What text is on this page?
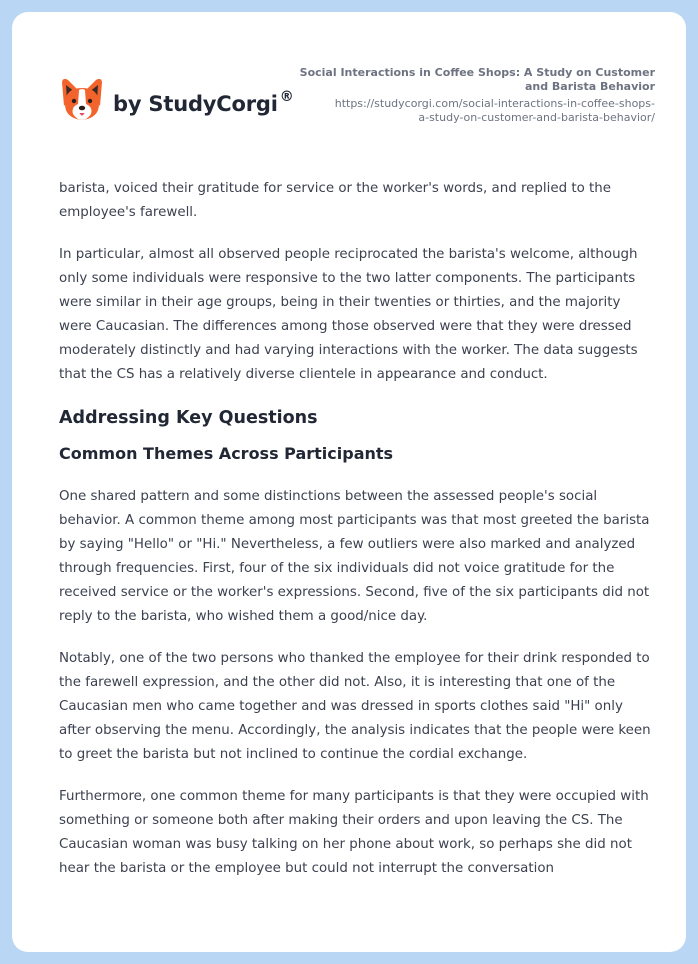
by StudyCorgi ®
Social Interactions in Coffee Shops: A Study on Customer
and Barista Behavior
https://studycorgi.com/social-interactions-in-coffee-shops-
a-study-on-customer-and-barista-behavior/

barista, voiced their gratitude for service or the worker's words, and replied to the employee's farewell.

In particular, almost all observed people reciprocated the barista's welcome, although only some individuals were responsive to the two latter components. The participants were similar in their age groups, being in their twenties or thirties, and the majority were Caucasian. The differences among those observed were that they were dressed moderately distinctly and had varying interactions with the worker. The data suggests that the CS has a relatively diverse clientele in appearance and conduct.

Addressing Key Questions
Common Themes Across Participants

One shared pattern and some distinctions between the assessed people's social behavior. A common theme among most participants was that most greeted the barista by saying "Hello" or "Hi." Nevertheless, a few outliers were also marked and analyzed through frequencies. First, four of the six individuals did not voice gratitude for the received service or the worker's expressions. Second, five of the six participants did not reply to the barista, who wished them a good/nice day.

Notably, one of the two persons who thanked the employee for their drink responded to the farewell expression, and the other did not. Also, it is interesting that one of the Caucasian men who came together and was dressed in sports clothes said "Hi" only after observing the menu. Accordingly, the analysis indicates that the people were keen to greet the barista but not inclined to continue the cordial exchange.

Furthermore, one common theme for many participants is that they were occupied with something or someone both after making their orders and upon leaving the CS. The Caucasian woman was busy talking on her phone about work, so perhaps she did not hear the barista or the employee but could not interrupt the conversation
